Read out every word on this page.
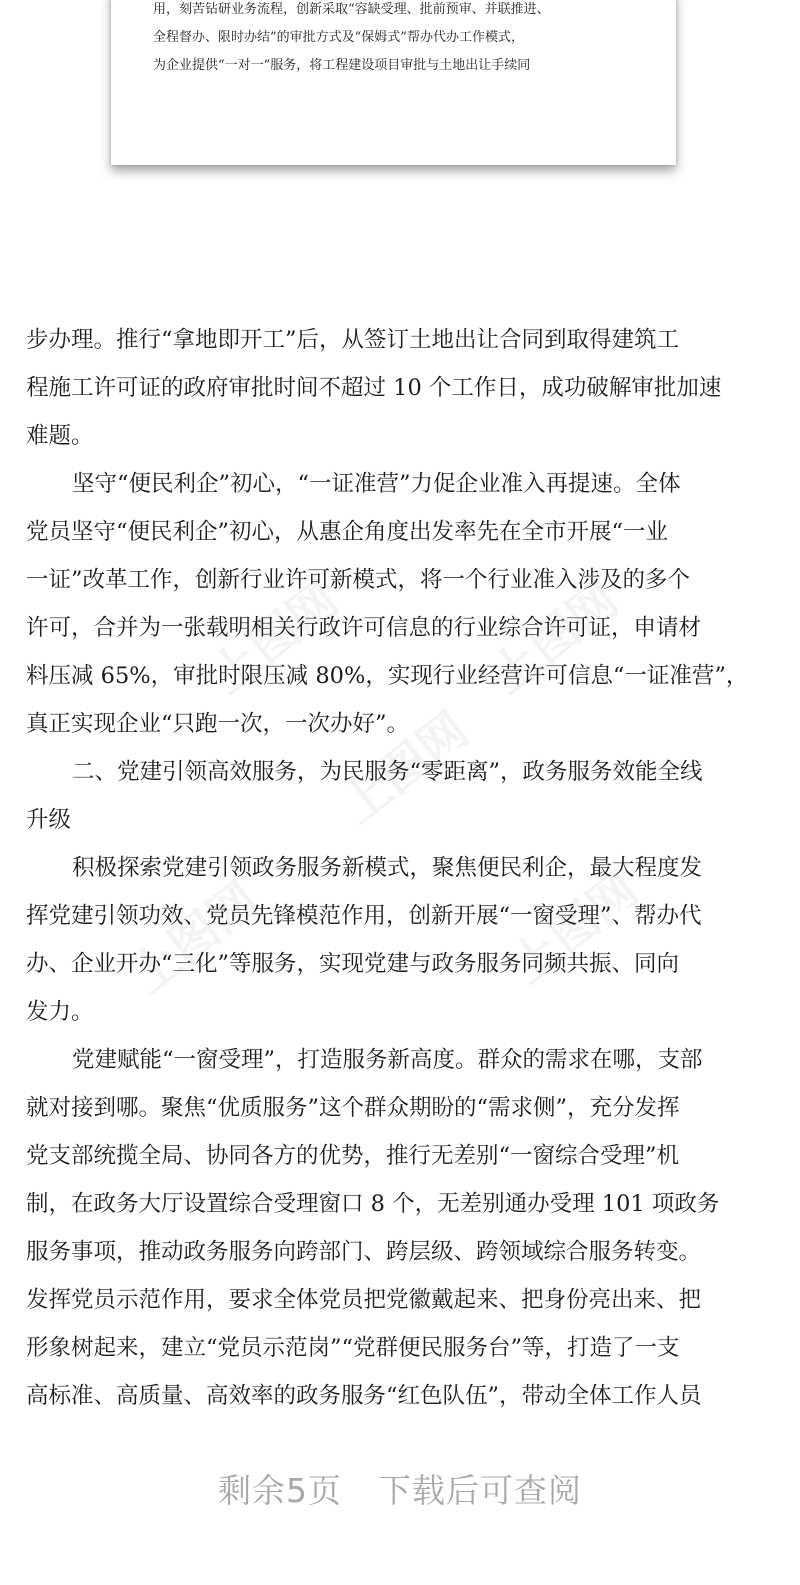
用，刻苦钻研业务流程，创新采取“容缺受理、批前预审、并联推进、
全程督办、限时办结”的审批方式及“保姆式”帮办代办工作模式，
为企业提供“一对一”服务，将工程建设项目审批与土地出让手续同
上图网	上图网
上图网
上图网	上图网
步办理。推行“拿地即开工”后，从签订土地出让合同到取得建筑工
程施工许可证的政府审批时间不超过 10 个工作日，成功破解审批加速
难题。
坚守“便民利企”初心，“一证准营”力促企业准入再提速。全体
党员坚守“便民利企”初心，从惠企角度出发率先在全市开展“一业
一证”改革工作，创新行业许可新模式，将一个行业准入涉及的多个
许可，合并为一张载明相关行政许可信息的行业综合许可证，申请材
料压减 65%，审批时限压减 80%，实现行业经营许可信息“一证准营”，
真正实现企业“只跑一次，一次办好”。
二、党建引领高效服务，为民服务“零距离”，政务服务效能全线
升级
积极探索党建引领政务服务新模式，聚焦便民利企，最大程度发
挥党建引领功效、党员先锋模范作用，创新开展“一窗受理”、帮办代
办、企业开办“三化”等服务，实现党建与政务服务同频共振、同向
发力。
党建赋能“一窗受理”，打造服务新高度。群众的需求在哪，支部
就对接到哪。聚焦“优质服务”这个群众期盼的“需求侧”，充分发挥
党支部统揽全局、协同各方的优势，推行无差别“一窗综合受理”机
制，在政务大厅设置综合受理窗口 8 个，无差别通办受理 101 项政务
服务事项，推动政务服务向跨部门、跨层级、跨领域综合服务转变。
发挥党员示范作用，要求全体党员把党徽戴起来、把身份亮出来、把
形象树起来，建立“党员示范岗”“党群便民服务台”等，打造了一支
高标准、高质量、高效率的政务服务“红色队伍”，带动全体工作人员
剩余5页 下载后可查阅
